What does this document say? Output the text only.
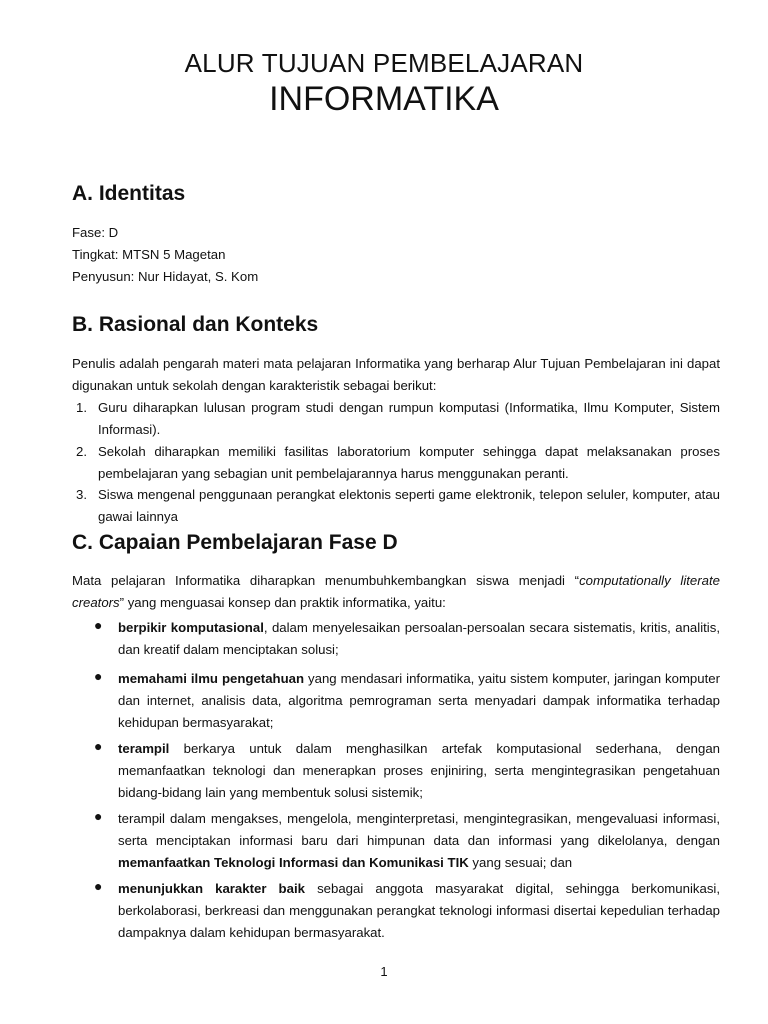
ALUR TUJUAN PEMBELAJARAN
INFORMATIKA
A. Identitas
Fase: D
Tingkat: MTSN 5 Magetan
Penyusun: Nur Hidayat, S. Kom
B. Rasional dan Konteks
Penulis adalah pengarah materi mata pelajaran Informatika yang berharap Alur Tujuan Pembelajaran ini dapat digunakan untuk sekolah dengan karakteristik sebagai berikut:
1. Guru diharapkan lulusan program studi dengan rumpun komputasi (Informatika, Ilmu Komputer, Sistem Informasi).
2. Sekolah diharapkan memiliki fasilitas laboratorium komputer sehingga dapat melaksanakan proses pembelajaran yang sebagian unit pembelajarannya harus menggunakan peranti.
3. Siswa mengenal penggunaan perangkat elektonis seperti game elektronik, telepon seluler, komputer, atau gawai lainnya
C. Capaian Pembelajaran Fase D
Mata pelajaran Informatika diharapkan menumbuhkembangkan siswa menjadi “computationally literate creators” yang menguasai konsep dan praktik informatika, yaitu:
● berpikir komputasional, dalam menyelesaikan persoalan-persoalan secara sistematis, kritis, analitis, dan kreatif dalam menciptakan solusi;
● memahami ilmu pengetahuan yang mendasari informatika, yaitu sistem komputer, jaringan komputer dan internet, analisis data, algoritma pemrograman serta menyadari dampak informatika terhadap kehidupan bermasyarakat;
● terampil berkarya untuk dalam menghasilkan artefak komputasional sederhana, dengan memanfaatkan teknologi dan menerapkan proses enjiniring, serta mengintegrasikan pengetahuan bidang-bidang lain yang membentuk solusi sistemik;
● terampil dalam mengakses, mengelola, menginterpretasi, mengintegrasikan, mengevaluasi informasi, serta menciptakan informasi baru dari himpunan data dan informasi yang dikelolanya, dengan memanfaatkan Teknologi Informasi dan Komunikasi TIK yang sesuai; dan
● menunjukkan karakter baik sebagai anggota masyarakat digital, sehingga berkomunikasi, berkolaborasi, berkreasi dan menggunakan perangkat teknologi informasi disertai kepedulian terhadap dampaknya dalam kehidupan bermasyarakat.
1
